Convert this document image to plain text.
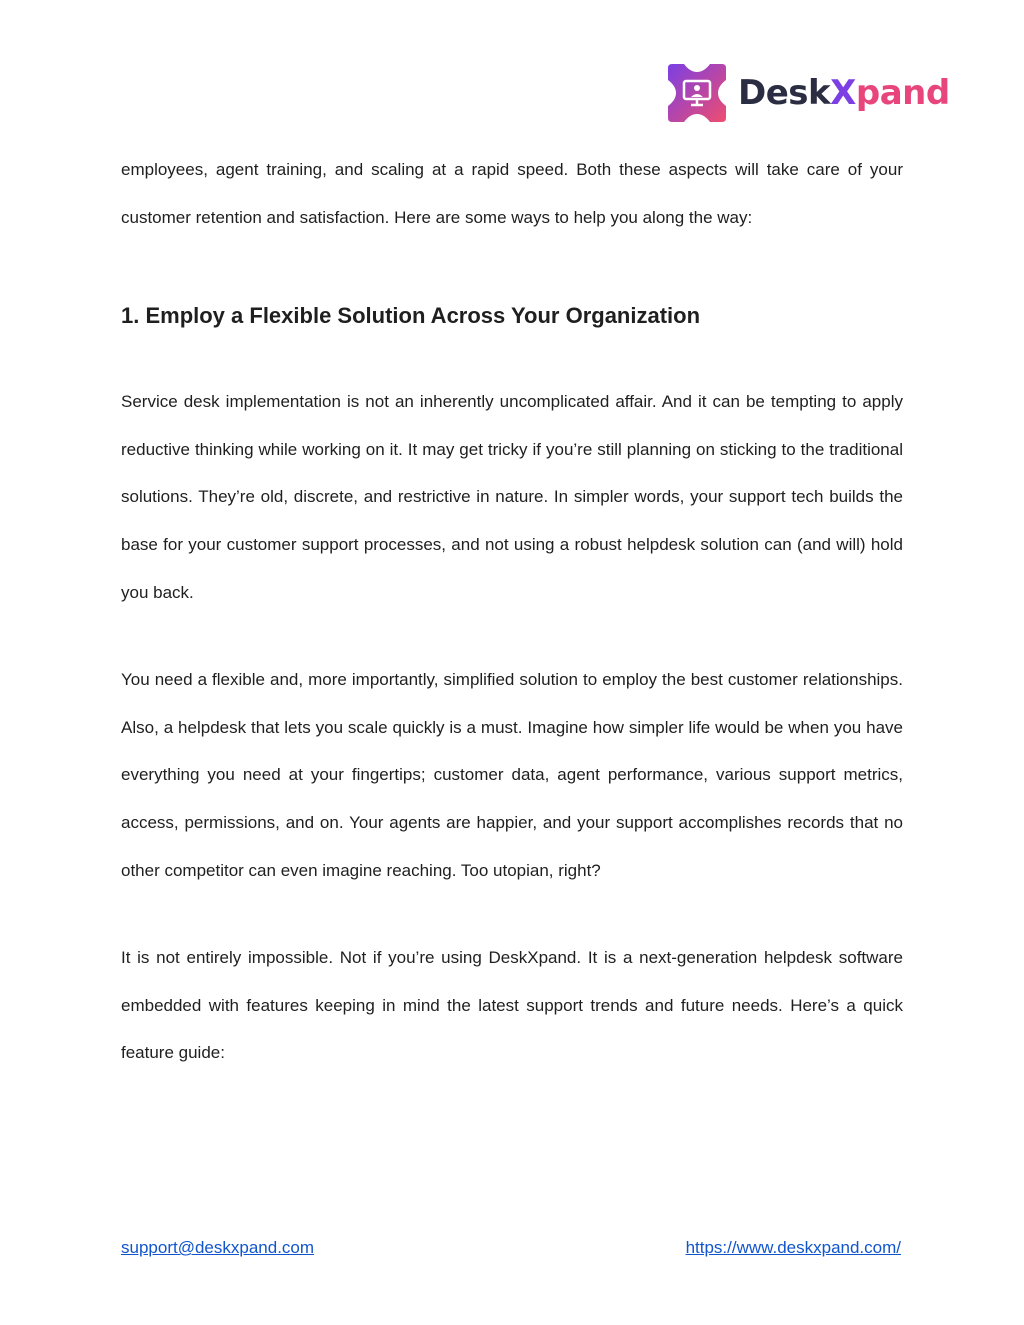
DeskXpand

employees, agent training, and scaling at a rapid speed. Both these aspects will take care of your customer retention and satisfaction. Here are some ways to help you along the way:

1. Employ a Flexible Solution Across Your Organization

Service desk implementation is not an inherently uncomplicated affair. And it can be tempting to apply reductive thinking while working on it. It may get tricky if you’re still planning on sticking to the traditional solutions. They’re old, discrete, and restrictive in nature. In simpler words, your support tech builds the base for your customer support processes, and not using a robust helpdesk solution can (and will) hold you back.

You need a flexible and, more importantly, simplified solution to employ the best customer relationships. Also, a helpdesk that lets you scale quickly is a must. Imagine how simpler life would be when you have everything you need at your fingertips; customer data, agent performance, various support metrics, access, permissions, and on. Your agents are happier, and your support accomplishes records that no other competitor can even imagine reaching. Too utopian, right?

It is not entirely impossible. Not if you’re using DeskXpand. It is a next-generation helpdesk software embedded with features keeping in mind the latest support trends and future needs. Here’s a quick feature guide:

support@deskxpand.com	https://www.deskxpand.com/
